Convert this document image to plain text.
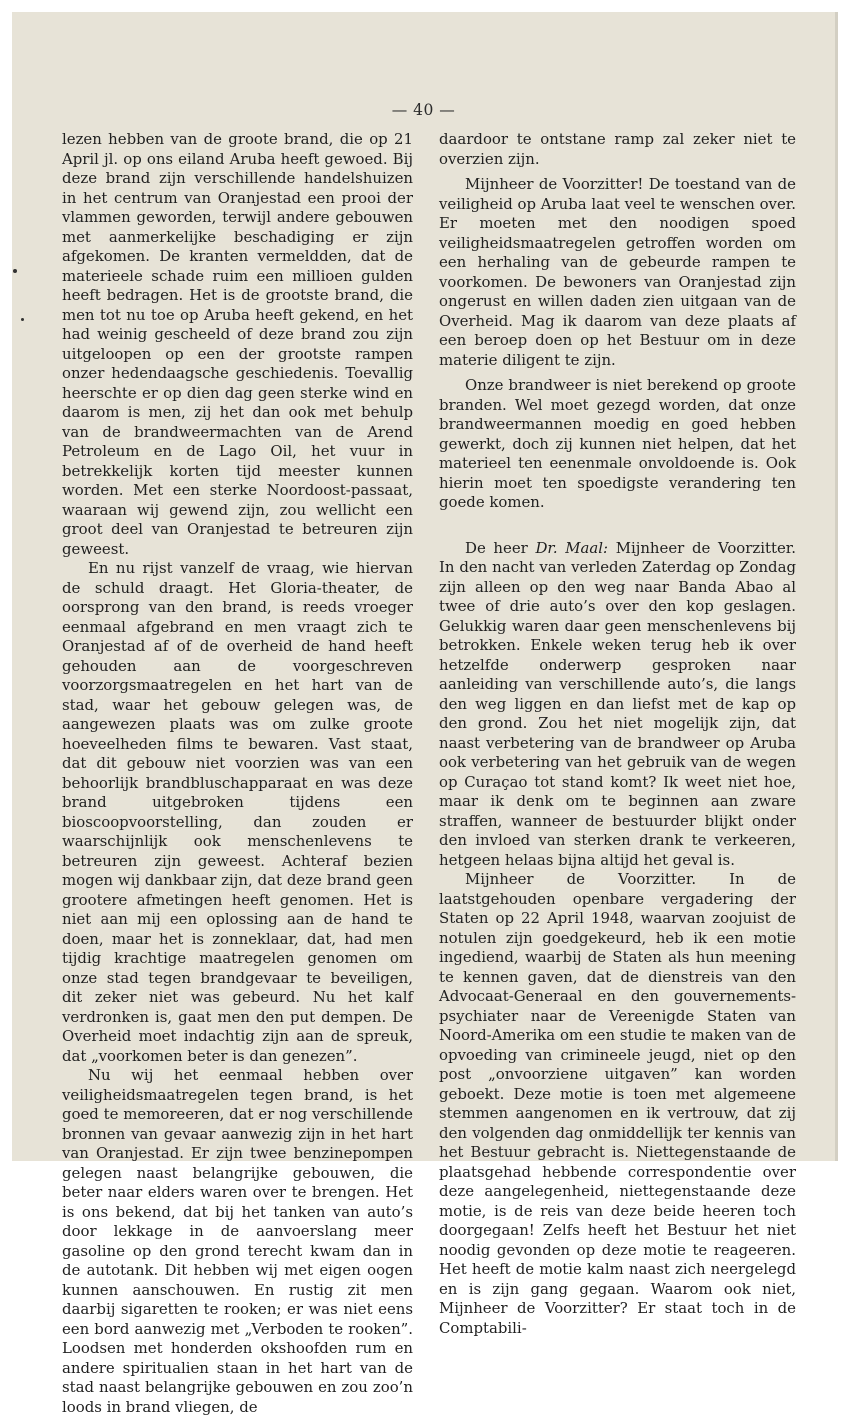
— 40 —

lezen hebben van de groote brand, die op 21 April jl. op ons eiland Aruba heeft gewoed. Bij deze brand zijn verschillende handelshuizen in het centrum van Oranjestad een prooi der vlammen geworden, terwijl andere gebouwen met aanmerkelijke beschadiging er zijn afgekomen. De kranten vermeldden, dat de materieele schade ruim een millioen gulden heeft bedragen. Het is de grootste brand, die men tot nu toe op Aruba heeft gekend, en het had weinig gescheeld of deze brand zou zijn uitgeloopen op een der grootste rampen onzer hedendaagsche geschiedenis. Toevallig heerschte er op dien dag geen sterke wind en daarom is men, zij het dan ook met behulp van de brandweermachten van de Arend Petroleum en de Lago Oil, het vuur in betrekkelijk korten tijd meester kunnen worden. Met een sterke Noordoost-passaat, waaraan wij gewend zijn, zou wellicht een groot deel van Oranjestad te betreuren zijn geweest.

En nu rijst vanzelf de vraag, wie hiervan de schuld draagt. Het Gloria-theater, de oorsprong van den brand, is reeds vroeger eenmaal afgebrand en men vraagt zich te Oranjestad af of de overheid de hand heeft gehouden aan de voorgeschreven voorzorgsmaatregelen en het hart van de stad, waar het gebouw gelegen was, de aangewezen plaats was om zulke groote hoeveelheden films te bewaren. Vast staat, dat dit gebouw niet voorzien was van een behoorlijk brandbluschapparaat en was deze brand uitgebroken tijdens een bioscoopvoorstelling, dan zouden er waarschijnlijk ook menschenlevens te betreuren zijn geweest. Achteraf bezien mogen wij dankbaar zijn, dat deze brand geen grootere afmetingen heeft genomen. Het is niet aan mij een oplossing aan de hand te doen, maar het is zonneklaar, dat, had men tijdig krachtige maatregelen genomen om onze stad tegen brandgevaar te beveiligen, dit zeker niet was gebeurd. Nu het kalf verdronken is, gaat men den put dempen. De Overheid moet indachtig zijn aan de spreuk, dat „voorkomen beter is dan genezen”.

Nu wij het eenmaal hebben over veiligheidsmaatregelen tegen brand, is het goed te memoreeren, dat er nog verschillende bronnen van gevaar aanwezig zijn in het hart van Oranjestad. Er zijn twee benzinepompen gelegen naast belangrijke gebouwen, die beter naar elders waren over te brengen. Het is ons bekend, dat bij het tanken van auto’s door lekkage in de aanvoerslang meer gasoline op den grond terecht kwam dan in de autotank. Dit hebben wij met eigen oogen kunnen aanschouwen. En rustig zit men daarbij sigaretten te rooken; er was niet eens een bord aanwezig met „Verboden te rooken”. Loodsen met honderden okshoofden rum en andere spiritualien staan in het hart van de stad naast belangrijke gebouwen en zou zoo’n loods in brand vliegen, de

daardoor te ontstane ramp zal zeker niet te overzien zijn.

Mijnheer de Voorzitter! De toestand van de veiligheid op Aruba laat veel te wenschen over. Er moeten met den noodigen spoed veiligheidsmaatregelen getroffen worden om een herhaling van de gebeurde rampen te voorkomen. De bewoners van Oranjestad zijn ongerust en willen daden zien uitgaan van de Overheid. Mag ik daarom van deze plaats af een beroep doen op het Bestuur om in deze materie diligent te zijn.

Onze brandweer is niet berekend op groote branden. Wel moet gezegd worden, dat onze brandweermannen moedig en goed hebben gewerkt, doch zij kunnen niet helpen, dat het materieel ten eenenmale onvoldoende is. Ook hierin moet ten spoedigste verandering ten goede komen.

De heer Dr. Maal: Mijnheer de Voorzitter. In den nacht van verleden Zaterdag op Zondag zijn alleen op den weg naar Banda Abao al twee of drie auto’s over den kop geslagen. Gelukkig waren daar geen menschenlevens bij betrokken. Enkele weken terug heb ik over hetzelfde onderwerp gesproken naar aanleiding van verschillende auto’s, die langs den weg liggen en dan liefst met de kap op den grond. Zou het niet mogelijk zijn, dat naast verbetering van de brandweer op Aruba ook verbetering van het gebruik van de wegen op Curaçao tot stand komt? Ik weet niet hoe, maar ik denk om te beginnen aan zware straffen, wanneer de bestuurder blijkt onder den invloed van sterken drank te verkeeren, hetgeen helaas bijna altijd het geval is.

Mijnheer de Voorzitter. In de laatstgehouden openbare vergadering der Staten op 22 April 1948, waarvan zoojuist de notulen zijn goedgekeurd, heb ik een motie ingediend, waarbij de Staten als hun meening te kennen gaven, dat de dienstreis van den Advocaat-Generaal en den gouvernements-psychiater naar de Vereenigde Staten van Noord-Amerika om een studie te maken van de opvoeding van crimineele jeugd, niet op den post „onvoorziene uitgaven” kan worden geboekt. Deze motie is toen met algemeene stemmen aangenomen en ik vertrouw, dat zij den volgenden dag onmiddellijk ter kennis van het Bestuur gebracht is. Niettegenstaande de plaatsgehad hebbende correspondentie over deze aangelegenheid, niettegenstaande deze motie, is de reis van deze beide heeren toch doorgegaan! Zelfs heeft het Bestuur het niet noodig gevonden op deze motie te reageeren. Het heeft de motie kalm naast zich neergelegd en is zijn gang gegaan. Waarom ook niet, Mijnheer de Voorzitter? Er staat toch in de Comptabili-
